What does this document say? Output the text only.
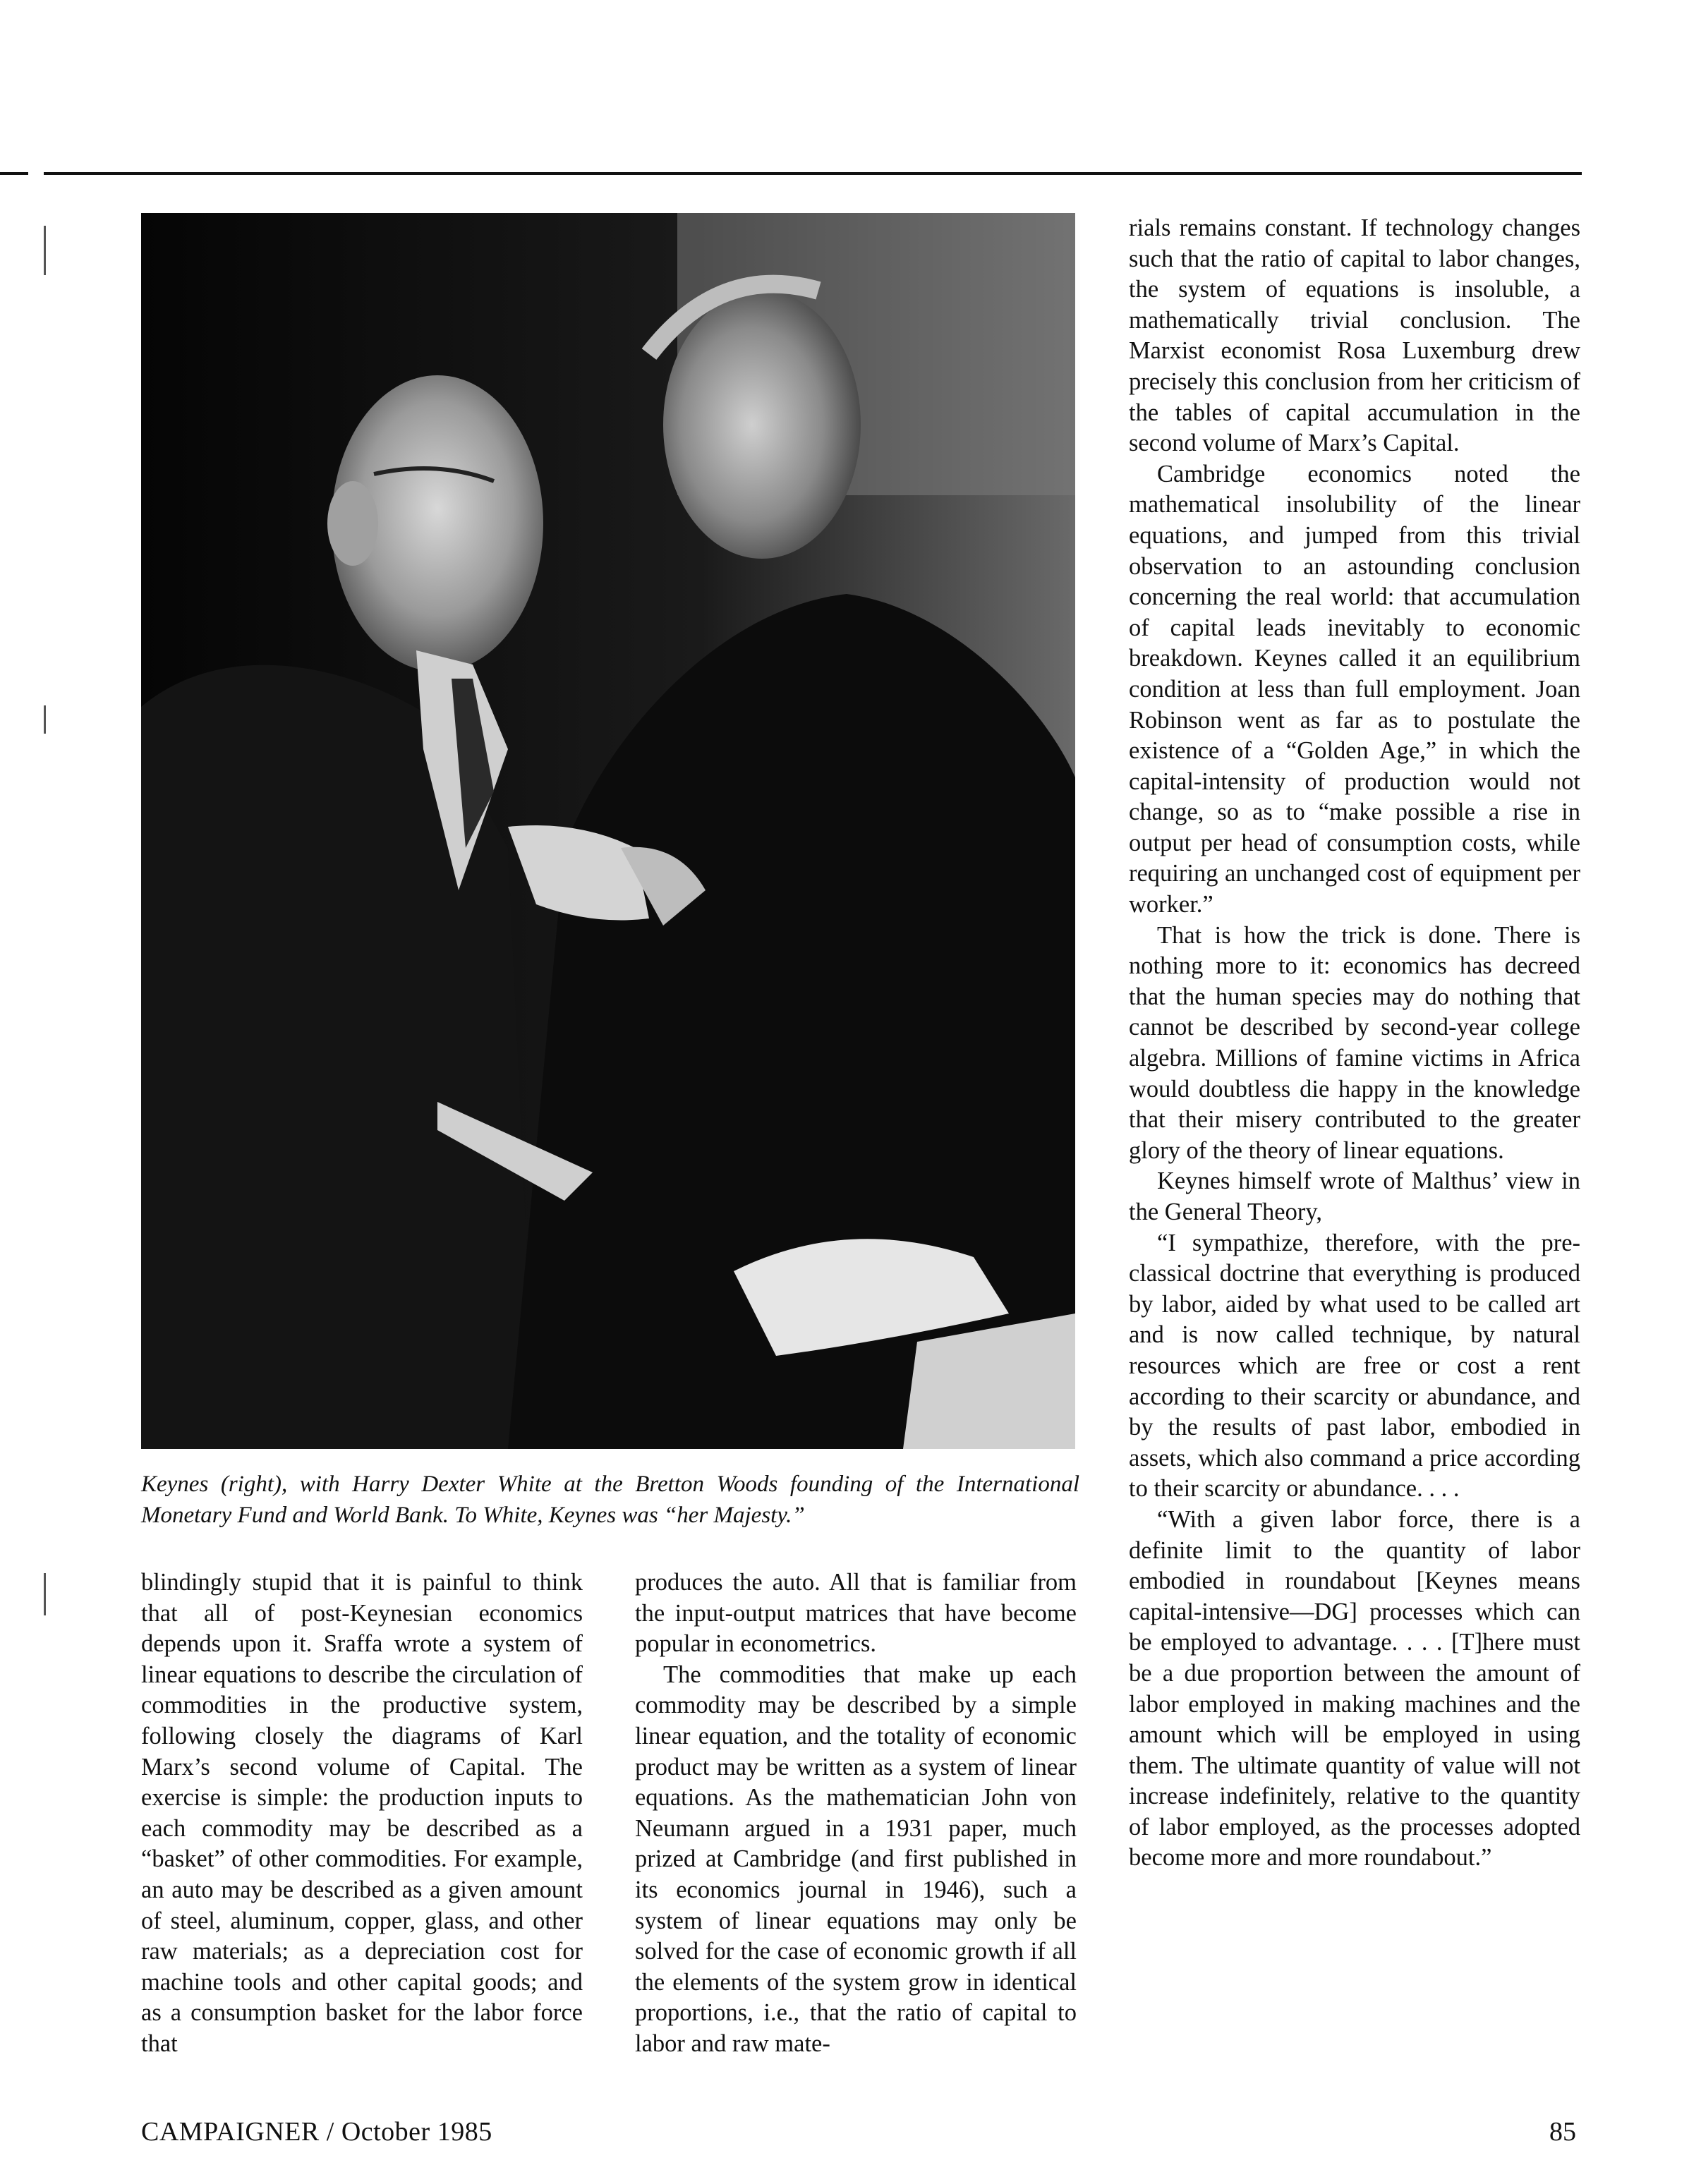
Keynes (right), with Harry Dexter White at the Bretton Woods founding of the International Monetary Fund and World Bank. To White, Keynes was “her Majesty.”

blindingly stupid that it is painful to think that all of post-Keynesian economics depends upon it. Sraffa wrote a system of linear equations to describe the circulation of commodities in the productive system, following closely the diagrams of Karl Marx’s second volume of Capital. The exercise is simple: the production inputs to each commodity may be described as a “basket” of other commodities. For example, an auto may be described as a given amount of steel, aluminum, copper, glass, and other raw materials; as a depreciation cost for machine tools and other capital goods; and as a consumption basket for the labor force that

produces the auto. All that is familiar from the input-output matrices that have become popular in econometrics.

The commodities that make up each commodity may be described by a simple linear equation, and the totality of economic product may be written as a system of linear equations. As the mathematician John von Neumann argued in a 1931 paper, much prized at Cambridge (and first published in its economics journal in 1946), such a system of linear equations may only be solved for the case of economic growth if all the elements of the system grow in identical proportions, i.e., that the ratio of capital to labor and raw mate-

rials remains constant. If technology changes such that the ratio of capital to labor changes, the system of equations is insoluble, a mathematically trivial conclusion. The Marxist economist Rosa Luxemburg drew precisely this conclusion from her criticism of the tables of capital accumulation in the second volume of Marx’s Capital.

Cambridge economics noted the mathematical insolubility of the linear equations, and jumped from this trivial observation to an astounding conclusion concerning the real world: that accumulation of capital leads inevitably to economic breakdown. Keynes called it an equilibrium condition at less than full employment. Joan Robinson went as far as to postulate the existence of a “Golden Age,” in which the capital-intensity of production would not change, so as to “make possible a rise in output per head of consumption costs, while requiring an unchanged cost of equipment per worker.”

That is how the trick is done. There is nothing more to it: economics has decreed that the human species may do nothing that cannot be described by second-year college algebra. Millions of famine victims in Africa would doubtless die happy in the knowledge that their misery contributed to the greater glory of the theory of linear equations.

Keynes himself wrote of Malthus’ view in the General Theory,

“I sympathize, therefore, with the pre-classical doctrine that everything is produced by labor, aided by what used to be called art and is now called technique, by natural resources which are free or cost a rent according to their scarcity or abundance, and by the results of past labor, embodied in assets, which also command a price according to their scarcity or abundance. . . .

“With a given labor force, there is a definite limit to the quantity of labor embodied in roundabout [Keynes means capital-intensive—DG] processes which can be employed to advantage. . . . [T]here must be a due proportion between the amount of labor employed in making machines and the amount which will be employed in using them. The ultimate quantity of value will not increase indefinitely, relative to the quantity of labor employed, as the processes adopted become more and more roundabout.”

CAMPAIGNER / October 1985	85
